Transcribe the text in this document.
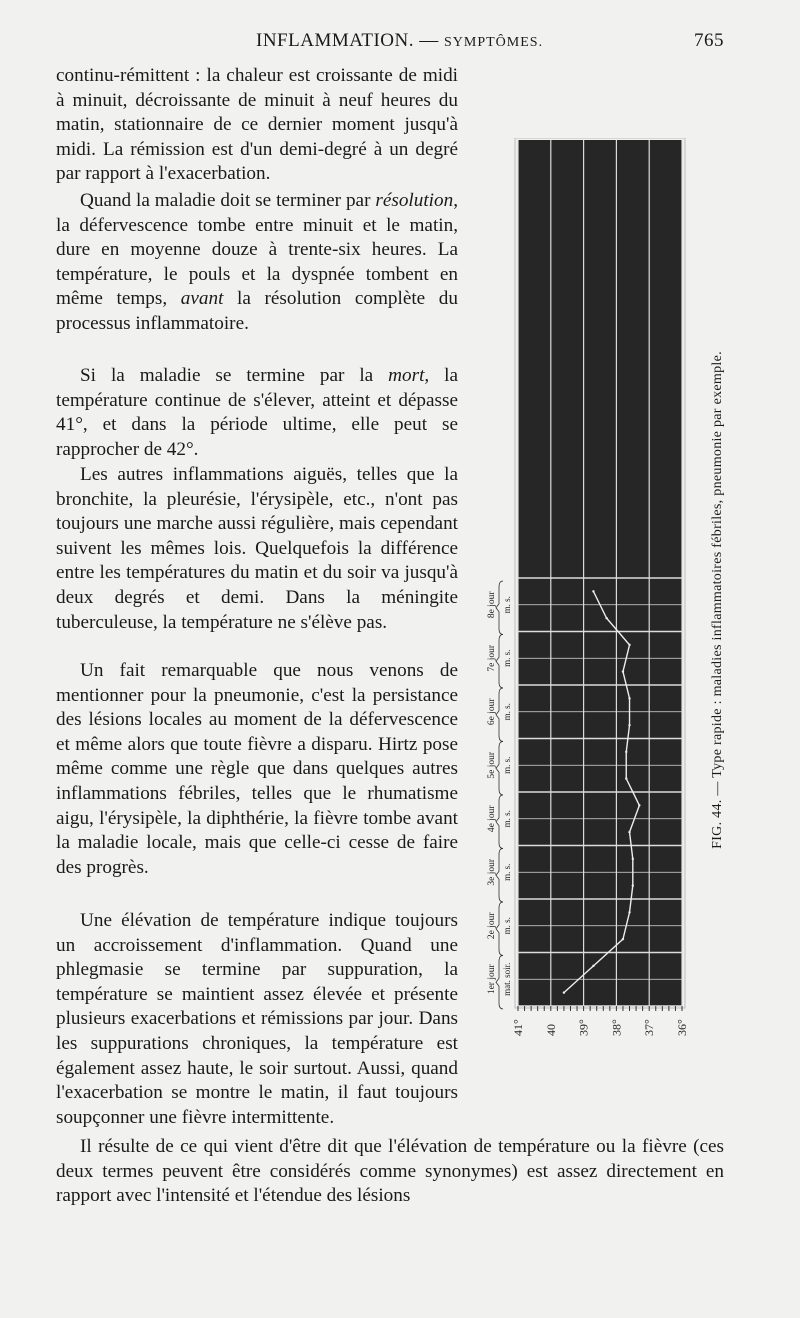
INFLAMMATION. — SYMPTÔMES.	765

continu-rémittent : la chaleur est croissante de midi à minuit, décroissante de minuit à neuf heures du matin, stationnaire de ce dernier moment jusqu'à midi. La rémission est d'un demi-degré à un degré par rapport à l'exacerbation.

Quand la maladie doit se terminer par résolution, la défervescence tombe entre minuit et le matin, dure en moyenne douze à trente-six heures. La température, le pouls et la dyspnée tombent en même temps, avant la résolution complète du processus inflammatoire.

Si la maladie se termine par la mort, la température continue de s'élever, atteint et dépasse 41°, et dans la période ultime, elle peut se rapprocher de 42°.

Les autres inflammations aiguës, telles que la bronchite, la pleurésie, l'érysipèle, etc., n'ont pas toujours une marche aussi régulière, mais cependant suivent les mêmes lois. Quelquefois la différence entre les températures du matin et du soir va jusqu'à deux degrés et demi. Dans la méningite tuberculeuse, la température ne s'élève pas.

Un fait remarquable que nous venons de mentionner pour la pneumonie, c'est la persistance des lésions locales au moment de la défervescence et même alors que toute fièvre a disparu. Hirtz pose même comme une règle que dans quelques autres inflammations fébriles, telles que le rhumatisme aigu, l'érysipèle, la diphthérie, la fièvre tombe avant la maladie locale, mais que celle-ci cesse de faire des progrès.

Une élévation de température indique toujours un accroissement d'inflammation. Quand une phlegmasie se termine par suppuration, la température se maintient assez élevée et présente plusieurs exacerbations et rémissions par jour. Dans les suppurations chroniques, la température est également assez haute, le soir surtout. Aussi, quand l'exacerbation se montre le matin, il faut toujours soupçonner une fièvre intermittente.

Il résulte de ce qui vient d'être dit que l'élévation de température ou la fièvre (ces deux termes peuvent être considérés comme synonymes) est assez directement en rapport avec l'intensité et l'étendue des lésions

41° 40 39° 38° 37° 36°
1er jour mat. soir.
2e jour m. s.
3e jour m. s.
4e jour m. s.
5e jour m. s.
6e jour m. s.
7e jour m. s.
8e jour m. s.
FIG. 44. — Type rapide : maladies inflammatoires fébriles, pneumonie par exemple.
